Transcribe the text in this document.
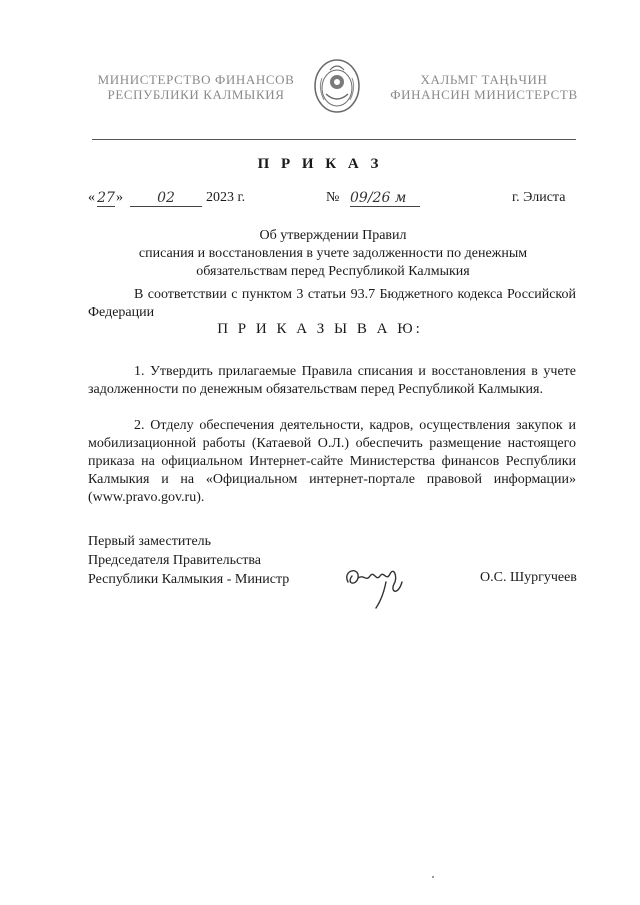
МИНИСТЕРСТВО ФИНАНСОВ
РЕСПУБЛИКИ КАЛМЫКИЯ
ХАЛЬМГ ТАҢҺЧИН
ФИНАНСИН МИНИСТЕРСТВ
П Р И К А З
« 27 »	02	2023 г.	№ 09/26 м	г. Элиста
Об утверждении Правил
списания и восстановления в учете задолженности по денежным
обязательствам перед Республикой Калмыкия
В соответствии с пунктом 3 статьи 93.7 Бюджетного кодекса Российской Федерации
П Р И К А З Ы В А Ю:
1. Утвердить прилагаемые Правила списания и восстановления в учете задолженности по денежным обязательствам перед Республикой Калмыкия.
2. Отделу обеспечения деятельности, кадров, осуществления закупок и мобилизационной работы (Катаевой О.Л.) обеспечить размещение настоящего приказа на официальном Интернет-сайте Министерства финансов Республики Калмыкия и на «Официальном интернет-портале правовой информации» (www.pravo.gov.ru).
Первый заместитель
Председателя Правительства
Республики Калмыкия - Министр	О.С. Шургучеев
